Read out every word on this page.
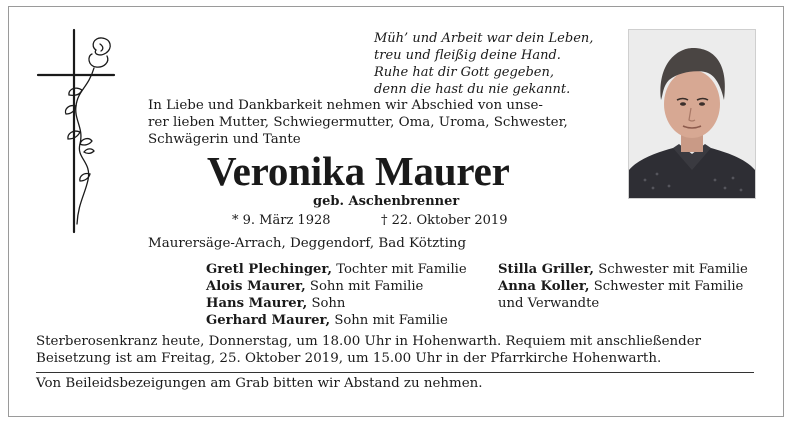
Müh’ und Arbeit war dein Leben,
treu und fleißig deine Hand.
Ruhe hat dir Gott gegeben,
denn die hast du nie gekannt.
In Liebe und Dankbarkeit nehmen wir Abschied von unse-
rer lieben Mutter, Schwiegermutter, Oma, Uroma, Schwester,
Schwägerin und Tante
Veronika Maurer
geb. Aschenbrenner
* 9. März 1928	† 22. Oktober 2019
Maurersäge-Arrach, Deggendorf, Bad Kötzting
Gretl Plechinger, Tochter mit Familie
Alois Maurer, Sohn mit Familie
Hans Maurer, Sohn
Gerhard Maurer, Sohn mit Familie
Stilla Griller, Schwester mit Familie
Anna Koller, Schwester mit Familie
und Verwandte
Sterberosenkranz heute, Donnerstag, um 18.00 Uhr in Hohenwarth. Requiem mit anschließender
Beisetzung ist am Freitag, 25. Oktober 2019, um 15.00 Uhr in der Pfarrkirche Hohenwarth.
Von Beileidsbezeigungen am Grab bitten wir Abstand zu nehmen.
